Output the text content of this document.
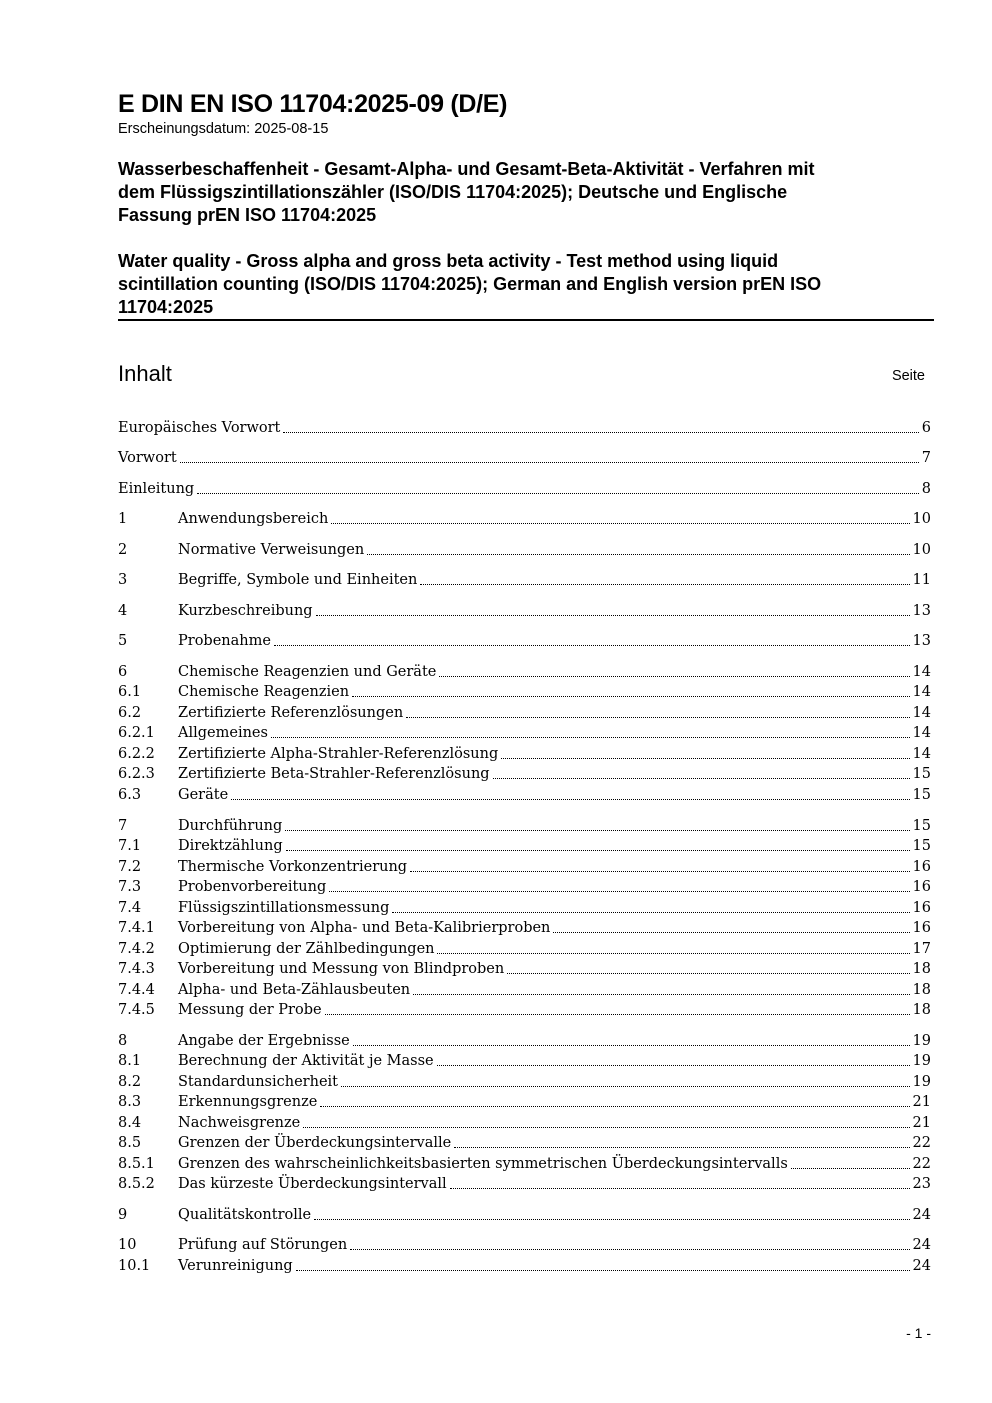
E DIN EN ISO 11704:2025-09 (D/E)
Erscheinungsdatum: 2025-08-15
Wasserbeschaffenheit - Gesamt-Alpha- und Gesamt-Beta-Aktivität - Verfahren mit
dem Flüssigszintillationszähler (ISO/DIS 11704:2025); Deutsche und Englische
Fassung prEN ISO 11704:2025
Water quality - Gross alpha and gross beta activity - Test method using liquid
scintillation counting (ISO/DIS 11704:2025); German and English version prEN ISO
11704:2025
Inhalt	Seite
Europäisches Vorwort	6
Vorwort	7
Einleitung	8
1	Anwendungsbereich	10
2	Normative Verweisungen	10
3	Begriffe, Symbole und Einheiten	11
4	Kurzbeschreibung	13
5	Probenahme	13
6	Chemische Reagenzien und Geräte	14
6.1	Chemische Reagenzien	14
6.2	Zertifizierte Referenzlösungen	14
6.2.1	Allgemeines	14
6.2.2	Zertifizierte Alpha-Strahler-Referenzlösung	14
6.2.3	Zertifizierte Beta-Strahler-Referenzlösung	15
6.3	Geräte	15
7	Durchführung	15
7.1	Direktzählung	15
7.2	Thermische Vorkonzentrierung	16
7.3	Probenvorbereitung	16
7.4	Flüssigszintillationsmessung	16
7.4.1	Vorbereitung von Alpha- und Beta-Kalibrierproben	16
7.4.2	Optimierung der Zählbedingungen	17
7.4.3	Vorbereitung und Messung von Blindproben	18
7.4.4	Alpha- und Beta-Zählausbeuten	18
7.4.5	Messung der Probe	18
8	Angabe der Ergebnisse	19
8.1	Berechnung der Aktivität je Masse	19
8.2	Standardunsicherheit	19
8.3	Erkennungsgrenze	21
8.4	Nachweisgrenze	21
8.5	Grenzen der Überdeckungsintervalle	22
8.5.1	Grenzen des wahrscheinlichkeitsbasierten symmetrischen Überdeckungsintervalls	22
8.5.2	Das kürzeste Überdeckungsintervall	23
9	Qualitätskontrolle	24
10	Prüfung auf Störungen	24
10.1	Verunreinigung	24
- 1 -
